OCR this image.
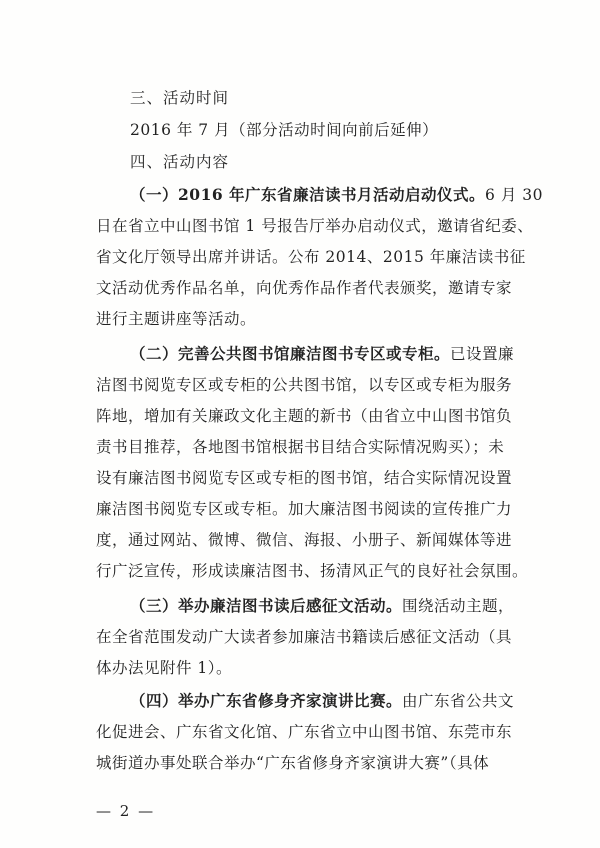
三、活动时间
2016 年 7 月（部分活动时间向前后延伸）
四、活动内容
（一）2016 年广东省廉洁读书月活动启动仪式。6 月 30
日在省立中山图书馆 1 号报告厅举办启动仪式，邀请省纪委、
省文化厅领导出席并讲话。公布 2014、2015 年廉洁读书征
文活动优秀作品名单，向优秀作品作者代表颁奖，邀请专家
进行主题讲座等活动。
（二）完善公共图书馆廉洁图书专区或专柜。已设置廉
洁图书阅览专区或专柜的公共图书馆，以专区或专柜为服务
阵地，增加有关廉政文化主题的新书（由省立中山图书馆负
责书目推荐，各地图书馆根据书目结合实际情况购买）；未
设有廉洁图书阅览专区或专柜的图书馆，结合实际情况设置
廉洁图书阅览专区或专柜。加大廉洁图书阅读的宣传推广力
度，通过网站、微博、微信、海报、小册子、新闻媒体等进
行广泛宣传，形成读廉洁图书、扬清风正气的良好社会氛围。
（三）举办廉洁图书读后感征文活动。围绕活动主题，
在全省范围发动广大读者参加廉洁书籍读后感征文活动（具
体办法见附件 1）。
（四）举办广东省修身齐家演讲比赛。由广东省公共文
化促进会、广东省文化馆、广东省立中山图书馆、东莞市东
城街道办事处联合举办“广东省修身齐家演讲大赛”（具体
— 2 —
